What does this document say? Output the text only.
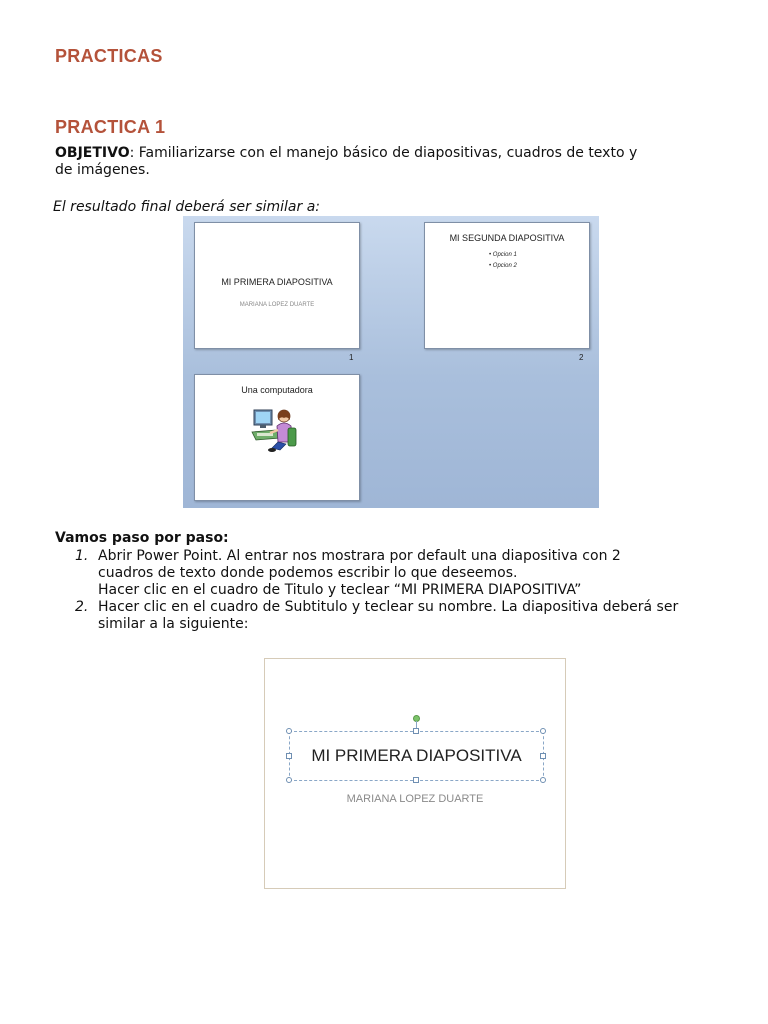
PRACTICAS
PRACTICA 1
OBJETIVO: Familiarizarse con el manejo básico de diapositivas, cuadros de texto y
de imágenes.
El resultado final deberá ser similar a:
MI PRIMERA DIAPOSITIVA
MARIANA LOPEZ DUARTE
1
MI SEGUNDA DIAPOSITIVA
• Opcion 1
• Opcion 2
2
Una computadora
Vamos paso por paso:
1. Abrir Power Point. Al entrar nos mostrara por default una diapositiva con 2
cuadros de texto donde podemos escribir lo que deseemos.
Hacer clic en el cuadro de Titulo y teclear “MI PRIMERA DIAPOSITIVA”
2. Hacer clic en el cuadro de Subtitulo y teclear su nombre. La diapositiva deberá ser
similar a la siguiente:
MI PRIMERA DIAPOSITIVA
MARIANA LOPEZ DUARTE
